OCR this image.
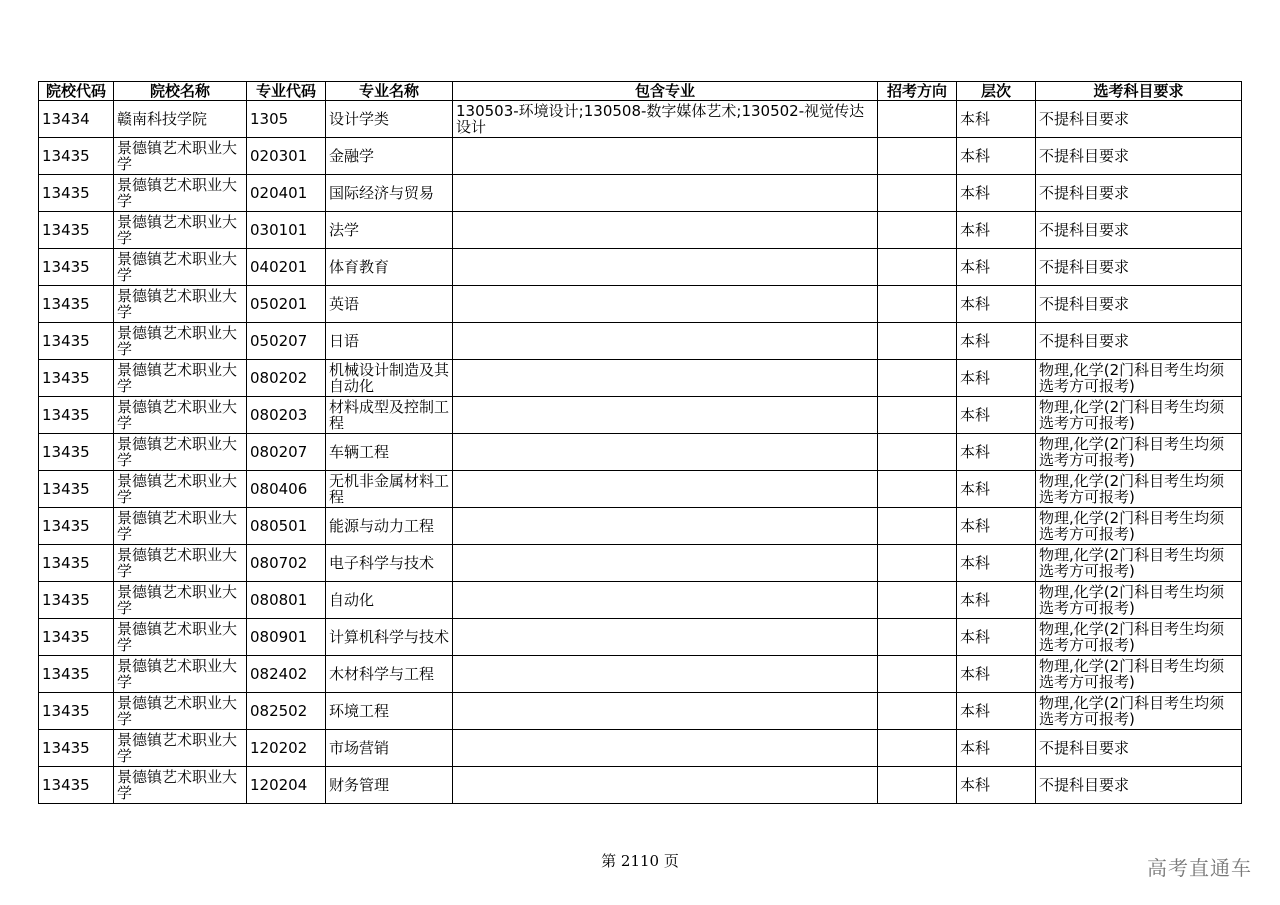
院校代码	院校名称	专业代码	专业名称	包含专业	招考方向	层次	选考科目要求
13434	赣南科技学院	1305	设计学类	130503-环境设计;130508-数字媒体艺术;130502-视觉传达设计		本科	不提科目要求
13435	景德镇艺术职业大学	020301	金融学			本科	不提科目要求
13435	景德镇艺术职业大学	020401	国际经济与贸易			本科	不提科目要求
13435	景德镇艺术职业大学	030101	法学			本科	不提科目要求
13435	景德镇艺术职业大学	040201	体育教育			本科	不提科目要求
13435	景德镇艺术职业大学	050201	英语			本科	不提科目要求
13435	景德镇艺术职业大学	050207	日语			本科	不提科目要求
13435	景德镇艺术职业大学	080202	机械设计制造及其自动化			本科	物理,化学(2门科目考生均须选考方可报考)
13435	景德镇艺术职业大学	080203	材料成型及控制工程			本科	物理,化学(2门科目考生均须选考方可报考)
13435	景德镇艺术职业大学	080207	车辆工程			本科	物理,化学(2门科目考生均须选考方可报考)
13435	景德镇艺术职业大学	080406	无机非金属材料工程			本科	物理,化学(2门科目考生均须选考方可报考)
13435	景德镇艺术职业大学	080501	能源与动力工程			本科	物理,化学(2门科目考生均须选考方可报考)
13435	景德镇艺术职业大学	080702	电子科学与技术			本科	物理,化学(2门科目考生均须选考方可报考)
13435	景德镇艺术职业大学	080801	自动化			本科	物理,化学(2门科目考生均须选考方可报考)
13435	景德镇艺术职业大学	080901	计算机科学与技术			本科	物理,化学(2门科目考生均须选考方可报考)
13435	景德镇艺术职业大学	082402	木材科学与工程			本科	物理,化学(2门科目考生均须选考方可报考)
13435	景德镇艺术职业大学	082502	环境工程			本科	物理,化学(2门科目考生均须选考方可报考)
13435	景德镇艺术职业大学	120202	市场营销			本科	不提科目要求
13435	景德镇艺术职业大学	120204	财务管理			本科	不提科目要求
第 2110 页	高考直通车
